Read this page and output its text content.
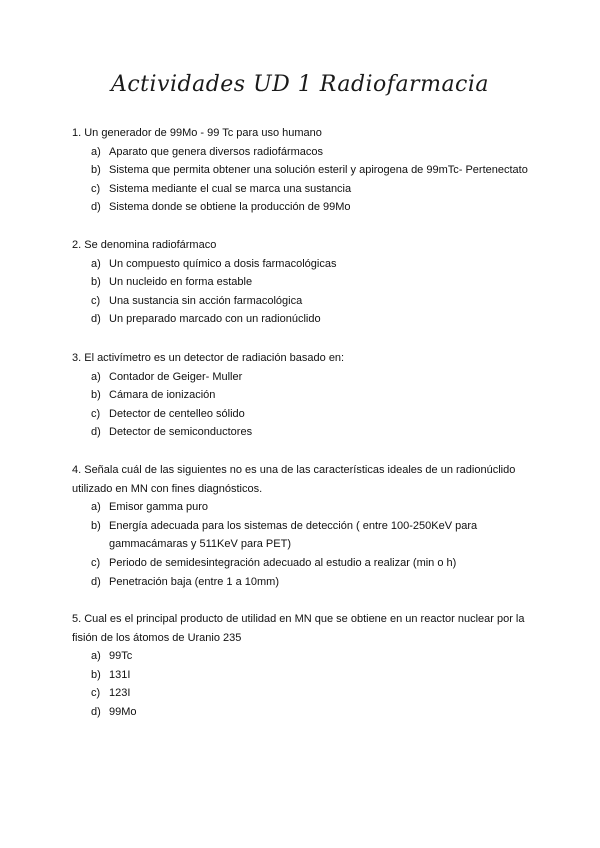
Actividades UD 1 Radiofarmacia

1. Un generador de 99Mo - 99 Tc para uso humano

a) Aparato que genera diversos radiofármacos
b) Sistema que permita obtener una solución esteril y apirogena de 99mTc- Pertenectato
c) Sistema mediante el cual se marca una sustancia
d) Sistema donde se obtiene la producción de 99Mo

2. Se denomina radiofármaco

a) Un compuesto químico a dosis farmacológicas
b) Un nucleido en forma estable
c) Una sustancia sin acción farmacológica
d) Un preparado marcado con un radionúclido

3. El activímetro es un detector de radiación basado en:

a) Contador de Geiger- Muller
b) Cámara de ionización
c) Detector de centelleo sólido
d) Detector de semiconductores

4. Señala cuál de las siguientes no es una de las características ideales de un radionúclido utilizado en MN con fines diagnósticos.

a) Emisor gamma puro
b) Energía adecuada para los sistemas de detección ( entre 100-250KeV para gammacámaras y 511KeV para PET)
c) Periodo de semidesintegración adecuado al estudio a realizar (min o h)
d) Penetración baja (entre 1 a 10mm)

5. Cual es el principal producto de utilidad en MN que se obtiene en un reactor nuclear por la fisión de los átomos de Uranio 235

a) 99Tc
b) 131I
c) 123I
d) 99Mo
